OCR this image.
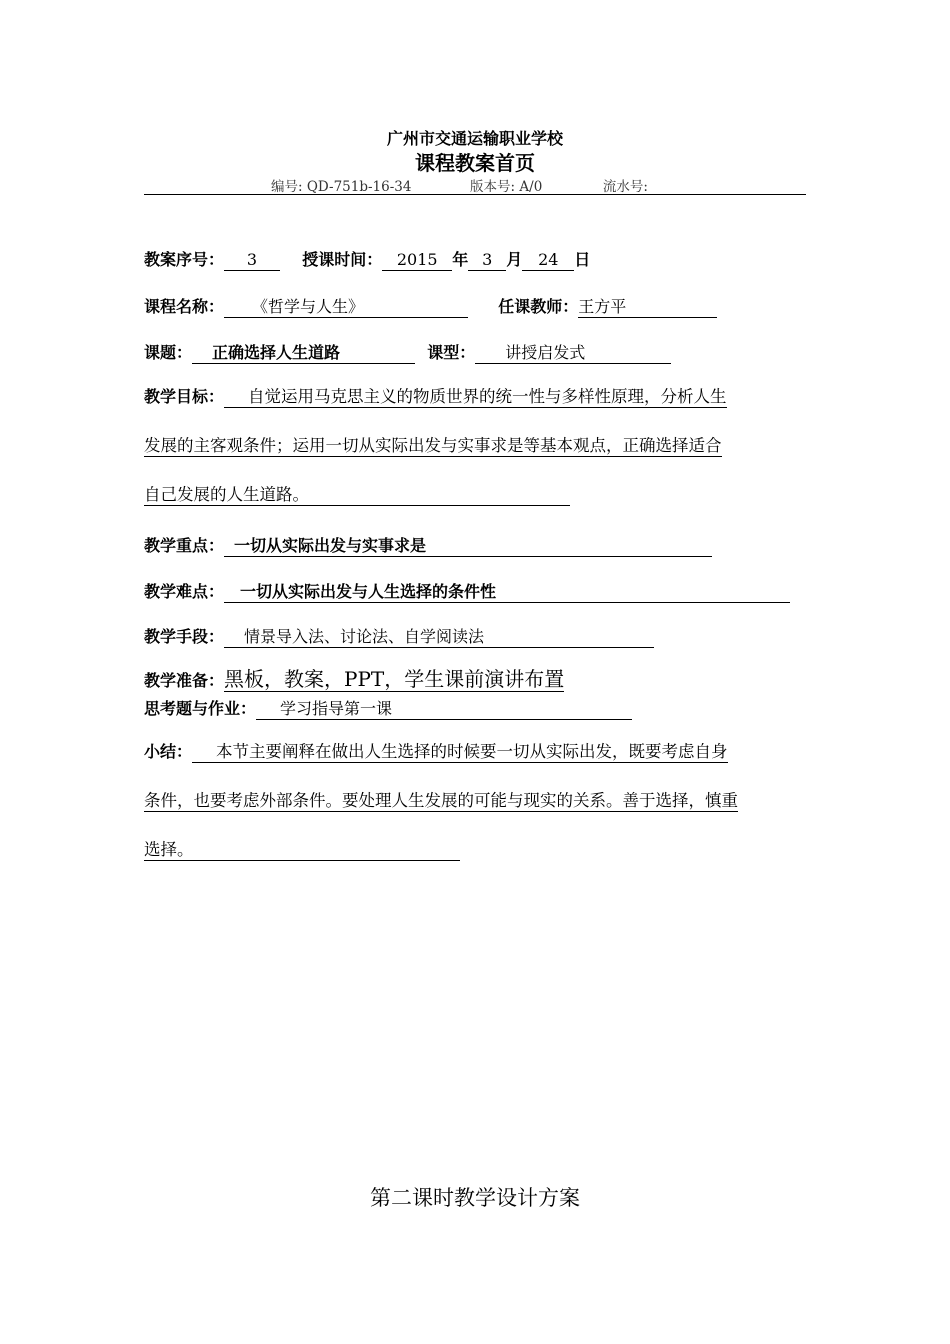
广州市交通运输职业学校
课程教案首页
编号: QD-751b-16-34	版本号: A/0	流水号:
教案序号： 3	授课时间： 2015 年 3 月 24 日
课程名称： 《哲学与人生》	任课教师：王方平
课题： 正确选择人生道路	课型： 讲授启发式
教学目标： 自觉运用马克思主义的物质世界的统一性与多样性原理，分析人生
发展的主客观条件；运用一切从实际出发与实事求是等基本观点，正确选择适合
自己发展的人生道路。
教学重点： 一切从实际出发与实事求是
教学难点： 一切从实际出发与人生选择的条件性
教学手段： 情景导入法、讨论法、自学阅读法
教学准备：黑板，教案，PPT，学生课前演讲布置
思考题与作业： 学习指导第一课
小结： 本节主要阐释在做出人生选择的时候要一切从实际出发，既要考虑自身
条件，也要考虑外部条件。要处理人生发展的可能与现实的关系。善于选择，慎重
选择。
第二课时教学设计方案
